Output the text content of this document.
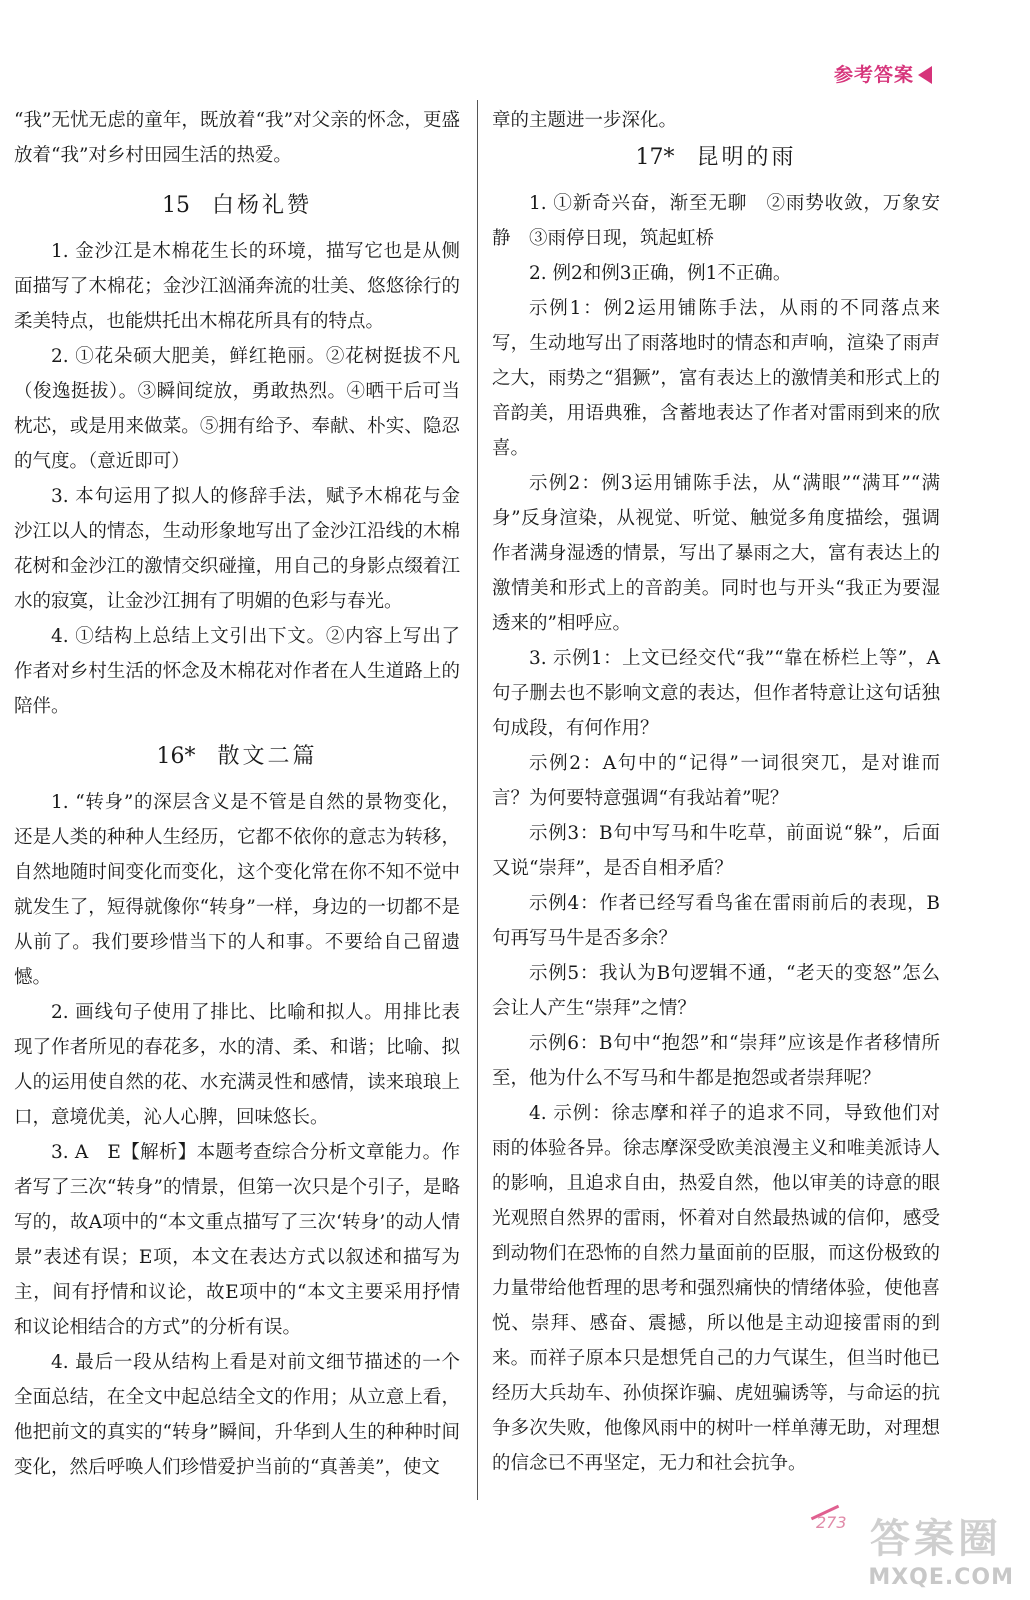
参考答案

“我”无忧无虑的童年，既放着“我”对父亲的怀念，更盛放着“我”对乡村田园生活的热爱。

15 白杨礼赞

1. 金沙江是木棉花生长的环境，描写它也是从侧面描写了木棉花；金沙江汹涌奔流的壮美、悠悠徐行的柔美特点，也能烘托出木棉花所具有的特点。

2. ①花朵硕大肥美，鲜红艳丽。②花树挺拔不凡（俊逸挺拔）。③瞬间绽放，勇敢热烈。④晒干后可当枕芯，或是用来做菜。⑤拥有给予、奉献、朴实、隐忍的气度。（意近即可）

3. 本句运用了拟人的修辞手法，赋予木棉花与金沙江以人的情态，生动形象地写出了金沙江沿线的木棉花树和金沙江的激情交织碰撞，用自己的身影点缀着江水的寂寞，让金沙江拥有了明媚的色彩与春光。

4. ①结构上总结上文引出下文。②内容上写出了作者对乡村生活的怀念及木棉花对作者在人生道路上的陪伴。

16* 散文二篇

1. “转身”的深层含义是不管是自然的景物变化，还是人类的种种人生经历，它都不依你的意志为转移，自然地随时间变化而变化，这个变化常在你不知不觉中就发生了，短得就像你“转身”一样，身边的一切都不是从前了。我们要珍惜当下的人和事。不要给自己留遗憾。

2. 画线句子使用了排比、比喻和拟人。用排比表现了作者所见的春花多，水的清、柔、和谐；比喻、拟人的运用使自然的花、水充满灵性和感情，读来琅琅上口，意境优美，沁人心脾，回味悠长。

3. A　E【解析】本题考查综合分析文章能力。作者写了三次“转身”的情景，但第一次只是个引子，是略写的，故A项中的“本文重点描写了三次‘转身’的动人情景”表述有误；E项，本文在表达方式以叙述和描写为主，间有抒情和议论，故E项中的“本文主要采用抒情和议论相结合的方式”的分析有误。

4. 最后一段从结构上看是对前文细节描述的一个全面总结，在全文中起总结全文的作用；从立意上看，他把前文的真实的“转身”瞬间，升华到人生的种种时间变化，然后呼唤人们珍惜爱护当前的“真善美”，使文

章的主题进一步深化。

17* 昆明的雨

1. ①新奇兴奋，渐至无聊　②雨势收敛，万象安静　③雨停日现，筑起虹桥

2. 例2和例3正确，例1不正确。

示例1：例2运用铺陈手法，从雨的不同落点来写，生动地写出了雨落地时的情态和声响，渲染了雨声之大，雨势之“猖獗”，富有表达上的激情美和形式上的音韵美，用语典雅，含蓄地表达了作者对雷雨到来的欣喜。

示例2：例3运用铺陈手法，从“满眼”“满耳”“满身”反身渲染，从视觉、听觉、触觉多角度描绘，强调作者满身湿透的情景，写出了暴雨之大，富有表达上的激情美和形式上的音韵美。同时也与开头“我正为要湿透来的”相呼应。

3. 示例1：上文已经交代“我”“靠在桥栏上等”，A句子删去也不影响文意的表达，但作者特意让这句话独句成段，有何作用？

示例2：A句中的“记得”一词很突兀，是对谁而言？为何要特意强调“有我站着”呢？

示例3：B句中写马和牛吃草，前面说“躲”，后面又说“崇拜”，是否自相矛盾？

示例4：作者已经写看鸟雀在雷雨前后的表现，B句再写马牛是否多余？

示例5：我认为B句逻辑不通，“老天的变怒”怎么会让人产生“崇拜”之情？

示例6：B句中“抱怨”和“崇拜”应该是作者移情所至，他为什么不写马和牛都是抱怨或者崇拜呢？

4. 示例：徐志摩和祥子的追求不同，导致他们对雨的体验各异。徐志摩深受欧美浪漫主义和唯美派诗人的影响，且追求自由，热爱自然，他以审美的诗意的眼光观照自然界的雷雨，怀着对自然最热诚的信仰，感受到动物们在恐怖的自然力量面前的臣服，而这份极致的力量带给他哲理的思考和强烈痛快的情绪体验，使他喜悦、崇拜、感奋、震撼，所以他是主动迎接雷雨的到来。而祥子原本只是想凭自己的力气谋生，但当时他已经历大兵劫车、孙侦探诈骗、虎妞骗诱等，与命运的抗争多次失败，他像风雨中的树叶一样单薄无助，对理想的信念已不再坚定，无力和社会抗争。

273 答案圈
MXQE.COM
